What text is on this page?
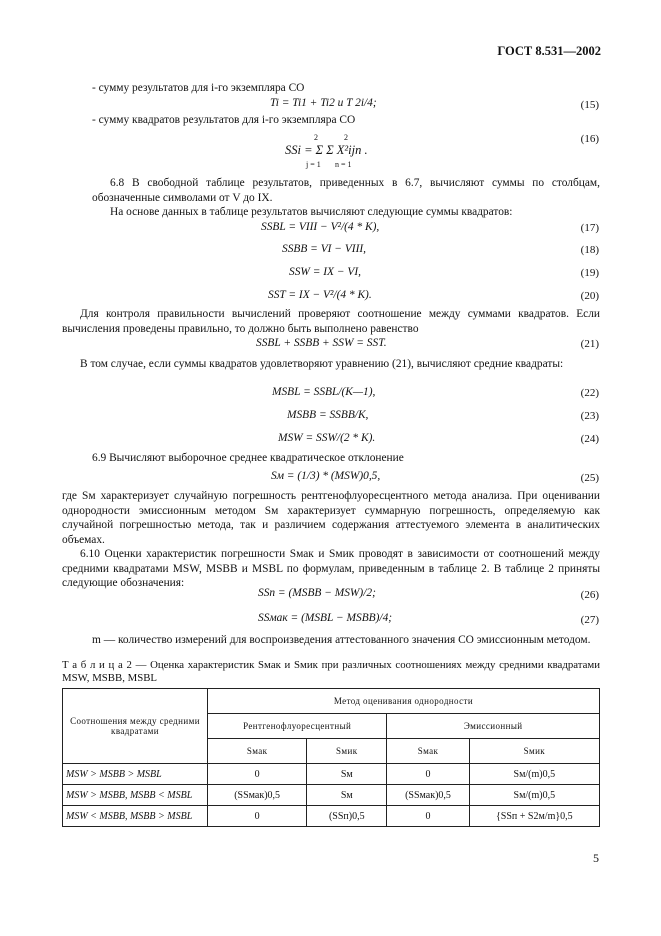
ГОСТ 8.531—2002
- сумму результатов для i-го экземпляра СО
Ti = Ti1 + Ti2 и T 2i/4;	(15)
- сумму квадратов результатов для i-го экземпляра СО
SSi = Σ Σ X²ijn .
2	2
j = 1 n = 1
(16)
6.8 В свободной таблице результатов, приведенных в 6.7, вычисляют суммы по столбцам, обозначенные символами от V до IX.
На основе данных в таблице результатов вычисляют следующие суммы квадратов:
SSBL = VIII − V²/(4 * K),	(17)
SSBB = VI − VIII,	(18)
SSW = IX − VI,	(19)
SST = IX − V²/(4 * K).	(20)
Для контроля правильности вычислений проверяют соотношение между суммами квадратов. Если вычисления проведены правильно, то должно быть выполнено равенство
SSBL + SSBB + SSW = SST.	(21)
В том случае, если суммы квадратов удовлетворяют уравнению (21), вычисляют средние квадраты:
MSBL = SSBL/(K—1),	(22)
MSBB = SSBB/K,	(23)
MSW = SSW/(2 * K).	(24)
6.9 Вычисляют выборочное среднее квадратическое отклонение
Sм = (1/3) * (MSW)0,5,	(25)
где Sм характеризует случайную погрешность рентгенофлуоресцентного метода анализа. При оценивании однородности эмиссионным методом Sм характеризует суммарную погрешность, определяемую как случайной погрешностью метода, так и различием содержания аттестуемого элемента в аналитических объемах.
6.10 Оценки характеристик погрешности Sмак и Sмик проводят в зависимости от соотношений между средними квадратами MSW, MSBB и MSBL по формулам, приведенным в таблице 2. В таблице 2 приняты следующие обозначения:
SSп = (MSBB − MSW)/2;	(26)
SSмак = (MSBL − MSBB)/4;	(27)
m — количество измерений для воспроизведения аттестованного значения СО эмиссионным методом.
Т а б л и ц а 2 — Оценка характеристик Sмак и Sмик при различных соотношениях между средними квадратами MSW, MSBB, MSBL
Соотношения между средними квадратами	Метод оценивания однородности			
	Рентгенофлуоресцентный		Эмиссионный	
	Sмак	Sмик	Sмак	Sмик
MSW > MSBB > MSBL	0	Sм	0	Sм/(m)0,5
MSW > MSBB, MSBB < MSBL	(SSмак)0,5	Sм	(SSмак)0,5	Sм/(m)0,5
MSW < MSBB, MSBB > MSBL	0	(SSп)0,5	0	{SSп + S2м/m}0,5
5
